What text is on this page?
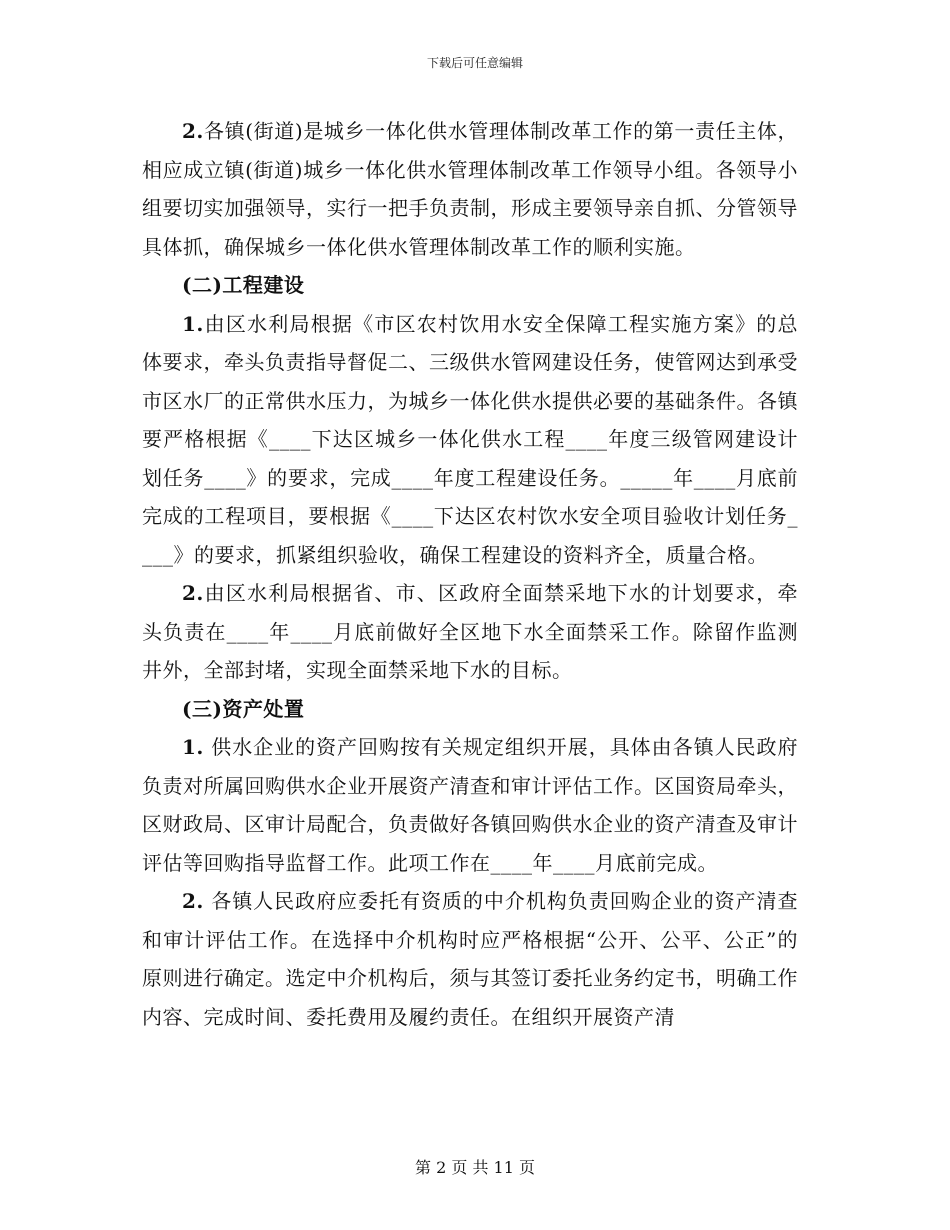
下载后可任意编辑

2.各镇(街道)是城乡一体化供水管理体制改革工作的第一责任主体，相应成立镇(街道)城乡一体化供水管理体制改革工作领导小组。各领导小组要切实加强领导，实行一把手负责制，形成主要领导亲自抓、分管领导具体抓，确保城乡一体化供水管理体制改革工作的顺利实施。

(二)工程建设

1.由区水利局根据《市区农村饮用水安全保障工程实施方案》的总体要求，牵头负责指导督促二、三级供水管网建设任务，使管网达到承受市区水厂的正常供水压力，为城乡一体化供水提供必要的基础条件。各镇要严格根据《____下达区城乡一体化供水工程____年度三级管网建设计划任务____》的要求，完成____年度工程建设任务。_____年____月底前完成的工程项目，要根据《____下达区农村饮水安全项目验收计划任务____》的要求，抓紧组织验收，确保工程建设的资料齐全，质量合格。

2.由区水利局根据省、市、区政府全面禁采地下水的计划要求，牵头负责在____年____月底前做好全区地下水全面禁采工作。除留作监测井外，全部封堵，实现全面禁采地下水的目标。

(三)资产处置

1. 供水企业的资产回购按有关规定组织开展，具体由各镇人民政府负责对所属回购供水企业开展资产清查和审计评估工作。区国资局牵头，区财政局、区审计局配合，负责做好各镇回购供水企业的资产清查及审计评估等回购指导监督工作。此项工作在____年____月底前完成。

2. 各镇人民政府应委托有资质的中介机构负责回购企业的资产清查和审计评估工作。在选择中介机构时应严格根据“公开、公平、公正”的原则进行确定。选定中介机构后，须与其签订委托业务约定书，明确工作内容、完成时间、委托费用及履约责任。在组织开展资产清

第 2 页 共 11 页
